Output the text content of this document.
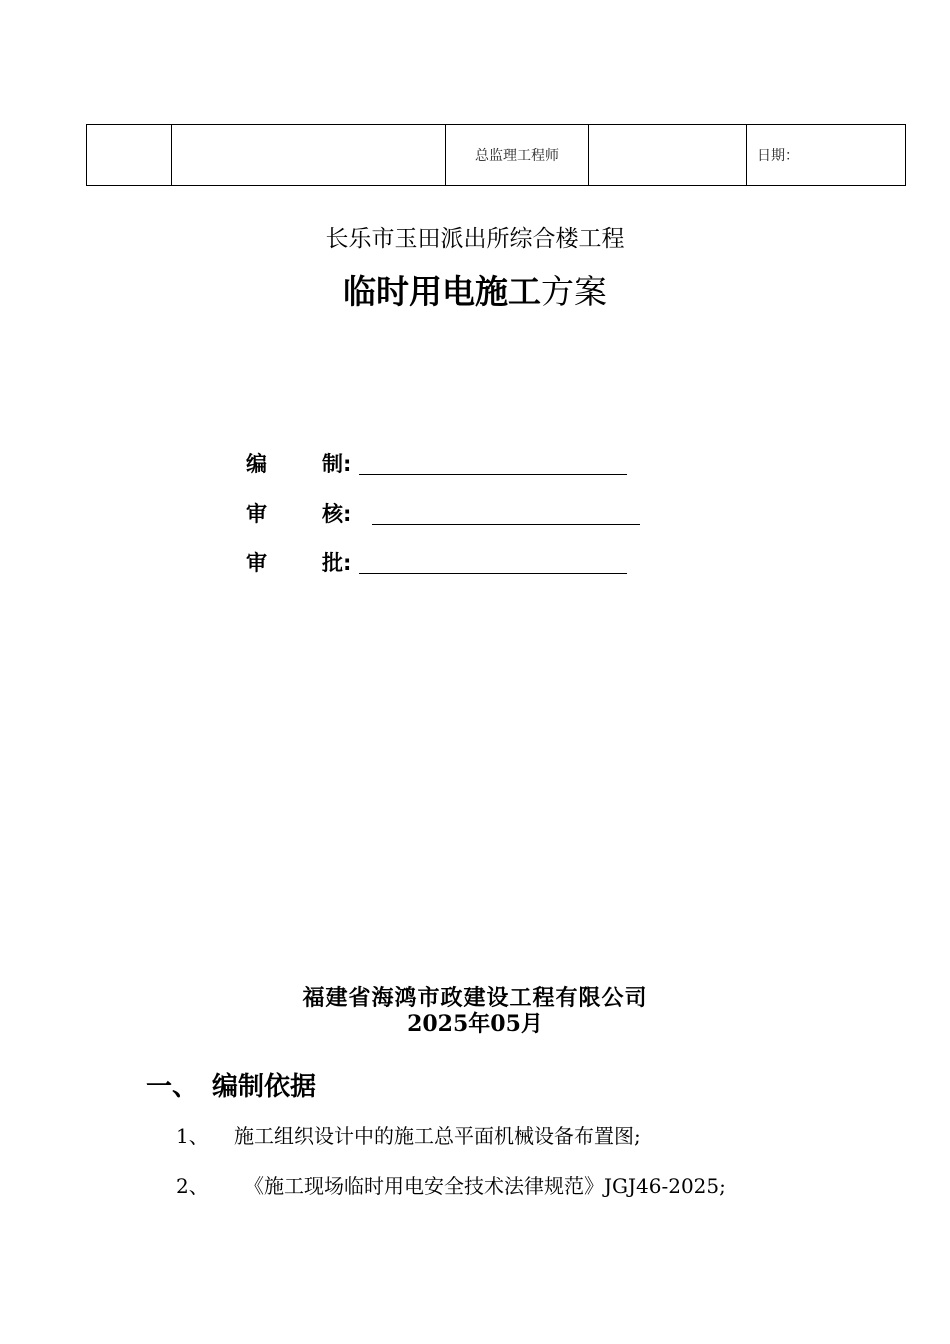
		总监理工程师		日期：
长乐市玉田派出所综合楼工程
临时用电施工方案
编	制:
审	核:
审	批:
福建省海鸿市政建设工程有限公司
2025年05月
一、 编制依据
1、 施工组织设计中的施工总平面机械设备布置图;
2、 《施工现场临时用电安全技术法律规范》JGJ46-2025;
